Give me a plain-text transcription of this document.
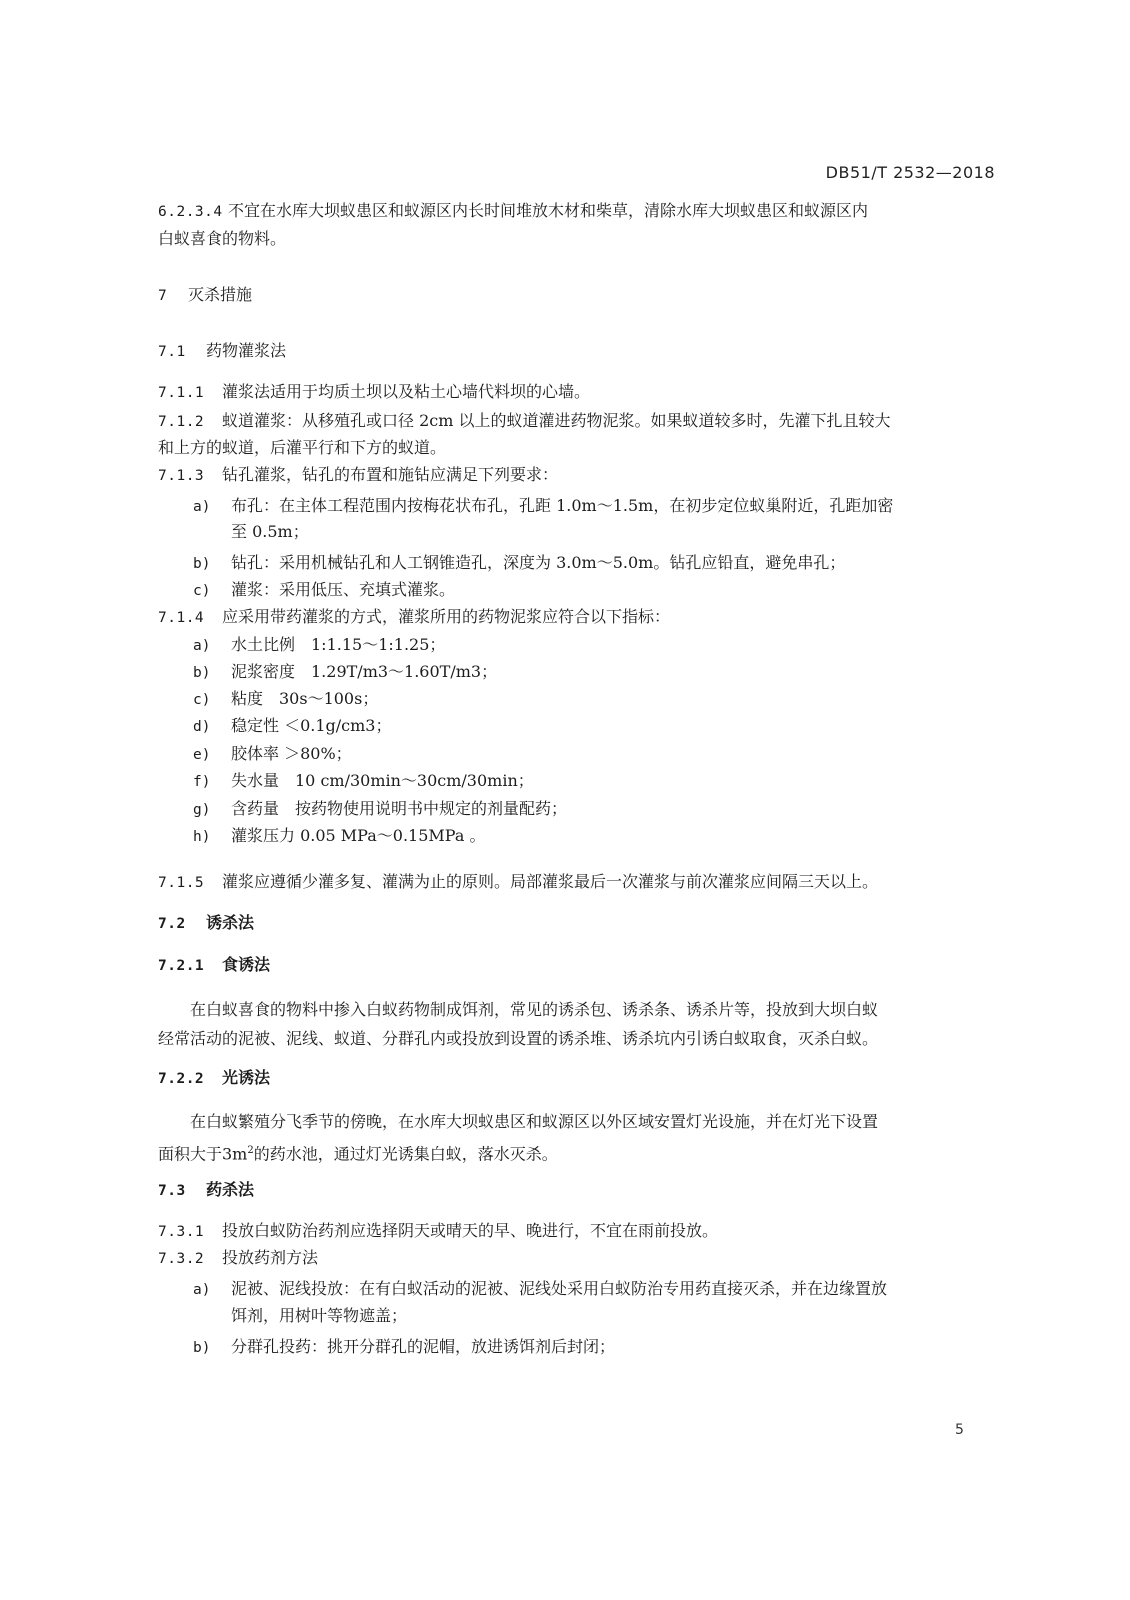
DB51/T 2532—2018
6.2.3.4 不宜在水库大坝蚁患区和蚁源区内长时间堆放木材和柴草，清除水库大坝蚁患区和蚁源区内
白蚁喜食的物料。
7 灭杀措施
7.1 药物灌浆法
7.1.1 灌浆法适用于均质土坝以及粘土心墙代料坝的心墙。
7.1.2 蚁道灌浆：从移殖孔或口径 2cm 以上的蚁道灌进药物泥浆。如果蚁道较多时，先灌下扎且较大
和上方的蚁道，后灌平行和下方的蚁道。
7.1.3 钻孔灌浆，钻孔的布置和施钻应满足下列要求：
a) 布孔：在主体工程范围内按梅花状布孔，孔距 1.0m～1.5m，在初步定位蚁巢附近，孔距加密
至 0.5m；
b) 钻孔：采用机械钻孔和人工钢锥造孔，深度为 3.0m～5.0m。钻孔应铅直，避免串孔；
c) 灌浆：采用低压、充填式灌浆。
7.1.4 应采用带药灌浆的方式，灌浆所用的药物泥浆应符合以下指标：
a) 水土比例　1:1.15～1:1.25；
b) 泥浆密度　1.29T/m3～1.60T/m3；
c) 粘度　30s～100s；
d) 稳定性 ＜0.1g/cm3；
e) 胶体率 ＞80%；
f) 失水量　10 cm/30min～30cm/30min；
g) 含药量　按药物使用说明书中规定的剂量配药；
h) 灌浆压力 0.05 MPa～0.15MPa 。
7.1.5 灌浆应遵循少灌多复、灌满为止的原则。局部灌浆最后一次灌浆与前次灌浆应间隔三天以上。
7.2 诱杀法
7.2.1 食诱法
在白蚁喜食的物料中掺入白蚁药物制成饵剂，常见的诱杀包、诱杀条、诱杀片等，投放到大坝白蚁
经常活动的泥被、泥线、蚁道、分群孔内或投放到设置的诱杀堆、诱杀坑内引诱白蚁取食，灭杀白蚁。
7.2.2 光诱法
在白蚁繁殖分飞季节的傍晚，在水库大坝蚁患区和蚁源区以外区域安置灯光设施，并在灯光下设置
面积大于$3m^2$的药水池，通过灯光诱集白蚁，落水灭杀。
7.3 药杀法
7.3.1 投放白蚁防治药剂应选择阴天或晴天的早、晚进行，不宜在雨前投放。
7.3.2 投放药剂方法
a) 泥被、泥线投放：在有白蚁活动的泥被、泥线处采用白蚁防治专用药直接灭杀，并在边缘置放
饵剂，用树叶等物遮盖；
b) 分群孔投药：挑开分群孔的泥帽，放进诱饵剂后封闭；
5
